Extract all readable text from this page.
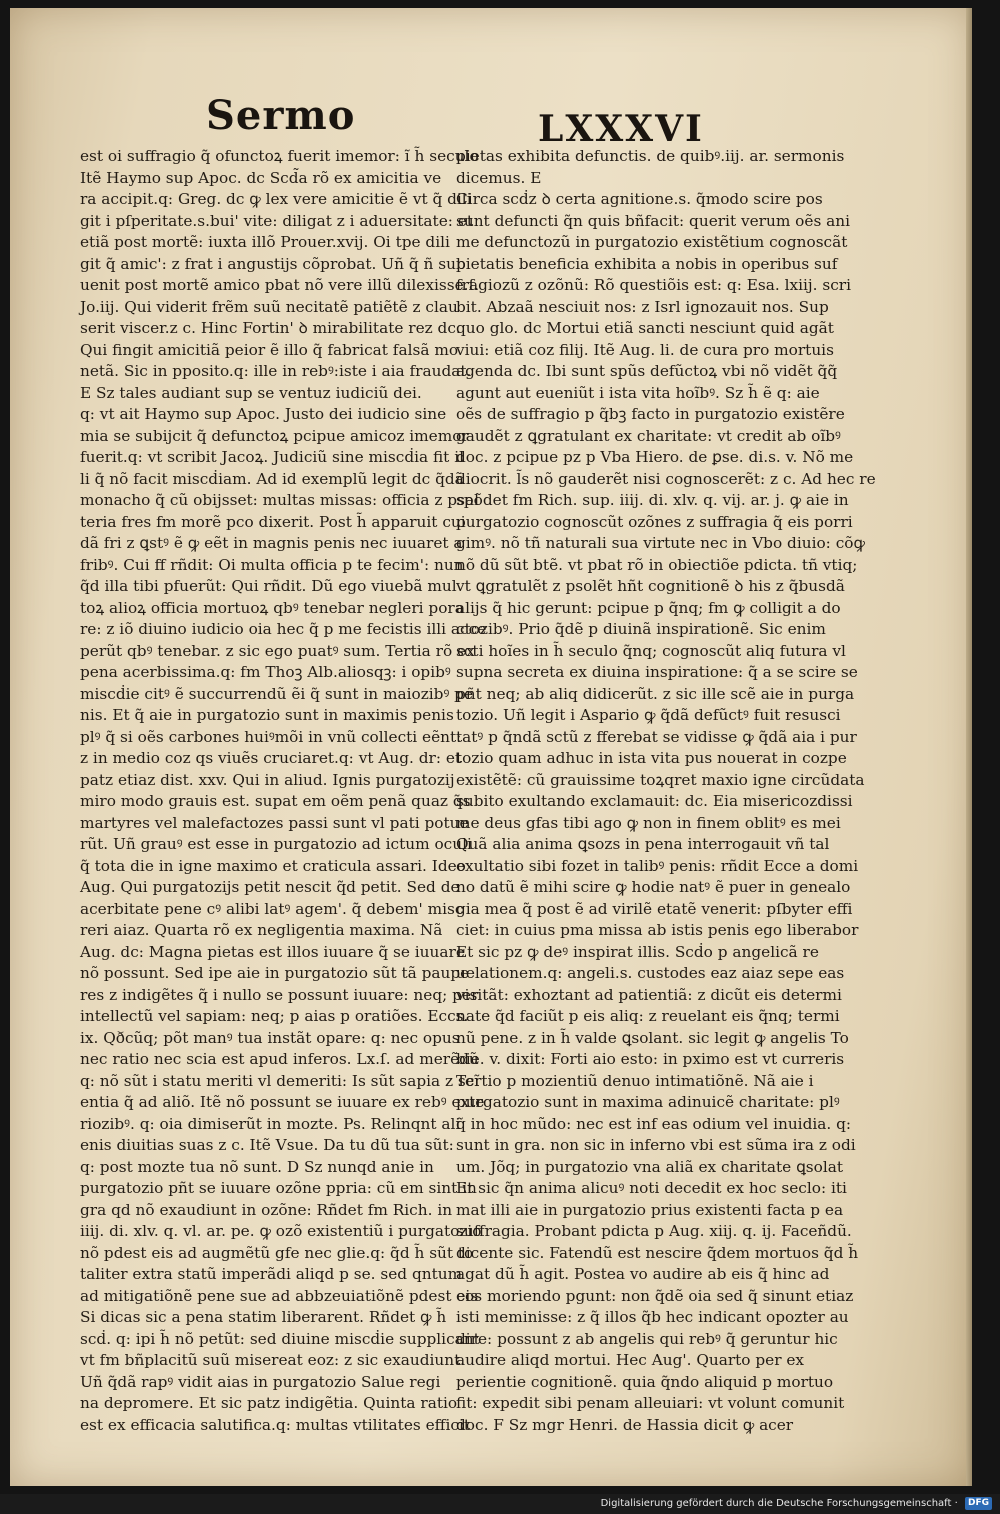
Sermo	LXXXVI
est oi suffragio q̃ ofunctoꝝ fuerit imemor: ĩ h̃ seculo
Itẽ Haymo sup Apoc. dc Scd̃a rõ ex amicitia ve
ra accipit.q: Greg. dc ꝙ lex vere amicitie ẽ vt q̃ dili
git i pſperitate.s.bui' vite: diligat z i aduersitate: et
etiã post mortẽ: iuxta illõ Prouer.xvij. Oi tpe dili
git q̃ amic': z frat i angustijs cõprobat. Uñ q̃ ñ sub
uenit post mortẽ amico pbat nõ vere illũ dilexisse.ſ.
Jo.iij. Qui viderit frẽm suũ necitatẽ patiẽtẽ z clau
serit viscer.z c. Hinc Fortin' ꝺ mirabilitate rez dc.
Qui fingit amicitiã peior ẽ illo q̃ fabricat falsã mo
netã. Sic in pposito.q: ille in rebꝰ:iste i aia fraudat.
E Sz tales audiant sup se ventuz iudiciũ dei.
q: vt ait Haymo sup Apoc. Justo dei iudicio sine
mia se subijcit q̃ defunctoꝝ pcipue amicoz imemor
fuerit.q: vt scribit Jacoꝝ. Judiciũ sine miscḋia fit il
li q̃ nõ facit miscḋiam. Ad id exemplũ legit dc q̃dã
monacho q̃ cũ obijsset: multas missas: officia z psal
teria fres fm morẽ pco dixerit. Post h̃ apparuit cui
dã fri z ꝗstꝰ ẽ ꝙ eẽt in magnis penis nec iuuaret a
fribꝰ. Cui ff rñdit: Oi multa officia p te fecim': nun
q̃d illa tibi pfuerũt: Qui rñdit. Dũ ego viuebã mul
toꝝ alioꝝ officia mortuoꝝ qbꝰ tenebar negleri pora
re: z iõ diuino iudicio oia hec q̃ p me fecistis illi acce
perũt qbꝰ tenebar. z sic ego puatꝰ sum. Tertia rõ ex
pena acerbissima.q: fm Thoꝫ Alb.aliosqꝫ: i opibꝰ
miscḋie citꝰ ẽ succurrendũ ẽi q̃ sunt in maiozibꝰ pe
nis. Et q̃ aie in purgatozio sunt in maximis penis
plꝰ q̃ si oẽs carbones huiꝰmõi in vnũ collecti eẽnt:
z in medio coz qs viuẽs cruciaret.q: vt Aug. dr: et
patz etiaz dist. xxv. Qui in aliud. Ignis purgatozij
miro modo grauis est. supat em oẽm penã quaz q̃s
martyres vel malefactozes passi sunt vl pati potue
rũt. Uñ grauꝰ est esse in purgatozio ad ictum oculi
q̃ tota die in igne maximo et craticula assari. Ideo
Aug. Qui purgatozijs petit nescit q̃d petit. Sed de
acerbitate pene cꝰ alibi latꝰ agem'. q̃ debem' misc
reri aiaz. Quarta rõ ex negligentia maxima. Nã
Aug. dc: Magna pietas est illos iuuare q̃ se iuuare
nõ possunt. Sed ipe aie in purgatozio sũt tã paupe
res z indigẽtes q̃ i nullo se possunt iuuare: neq; per
intellectũ vel sapiam: neq; p aias p oratiões. Eccs.
ix. Qðcũq; põt manꝰ tua instãt opare: q: nec opus
nec ratio nec scia est apud inferos. Lx.ſ. ad merẽdũ
q: nõ sũt i statu meriti vl demeriti: Is sũt sapia z scĩ
entia q̃ ad aliõ. Itẽ nõ possunt se iuuare ex rebꝰ exte
riozibꝰ. q: oia dimiserũt in mozte. Ps. Relinqnt ali
enis diuitias suas z c. Itẽ Vsue. Da tu dũ tua sũt:
q: post mozte tua nõ sunt. D Sz nunqd anie in
purgatozio pñt se iuuare ozõne ppria: cũ em sint in
gra qd nõ exaudiunt in ozõne: Rñdet fm Rich. in
iiij. di. xlv. q. vl. ar. pe. ꝙ ozõ existentiũ i purgatozio
nõ pdest eis ad augmẽtũ gfe nec glie.q: q̃d h̃ sũt to
taliter extra statũ imperãdi aliqd p se. sed qntum
ad mitigatiõnẽ pene sue ad abbzeuiatiõnẽ pdest eis
Si dicas sic a pena statim liberarent. Rñdet ꝙ h̃
scḋ. q: ipi h̃ nõ petũt: sed diuine miscḋie supplicant
vt fm bñplacitũ suũ misereat eoz: z sic exaudiunt.
Uñ q̃dã rapꝰ vidit aias in purgatozio Salue regi
na depromere. Et sic patz indigẽtia. Quinta ratio
est ex efficacia salutifica.q: multas vtilitates efficit
pietas exhibita defunctis. de quibꝰ.iij. ar. sermonis
dicemus. E
Circa scḋz ꝺ certa agnitione.s. q̃modo scire pos
sunt defuncti q̃n quis bñfacit: querit verum oẽs ani
me defunctozũ in purgatozio existẽtium cognoscãt
pietatis beneficia exhibita a nobis in operibus suf
fragiozũ z ozõnũ: Rõ questiõis est: q: Esa. lxiij. scri
bit. Abzaã nesciuit nos: z Isrl ignozauit nos. Sup
quo glo. dc Mortui etiã sancti nesciunt quid agãt
viui: etiã coz filij. Itẽ Aug. li. de cura pro mortuis
agenda dc. Ibi sunt spũs defũctoꝝ vbi nõ vidẽt q̃q̃
agunt aut eueniũt i ista vita hoĩbꝰ. Sz h̃ ẽ q: aie
oẽs de suffragio p q̃bꝫ facto in purgatozio existẽre
gaudẽt z ꝗgratulant ex charitate: vt credit ab oĩbꝰ
doc. z pcipue pz p Vba Hiero. de ꝑse. di.s. v. Nõ me
diocrit. l̃s nõ gauderẽt nisi cognoscerẽt: z c. Ad hec re
spõdet fm Rich. sup. iiij. di. xlv. q. vij. ar. j. ꝙ aie in
purgatozio cognoscũt ozõnes z suffragia q̃ eis porri
gimꝰ. nõ tñ naturali sua virtute nec in Vbo diuio: cõꝙ
nõ dũ sũt btẽ. vt pbat rõ in obiectiõe pdicta. tñ vtiq;
vt ꝗgratulẽt z psolẽt hñt cognitionẽ ꝺ his z q̃busdã
alijs q̃ hic gerunt: pcipue p q̃nq; fm ꝙ colligit a do
ctozibꝰ. Prio q̃dẽ p diuinã inspirationẽ. Sic enim
scti hoĩes in h̃ seculo q̃nq; cognoscũt aliq futura vl
supna secreta ex diuina inspiratione: q̃ a se scire se
pñt neq; ab aliq didicerũt. z sic ille scẽ aie in purga
tozio. Uñ legit i Aspario ꝙ q̃dã defũctꝰ fuit resusci
tatꝰ p q̃ndã sctũ z fferebat se vidisse ꝙ q̃dã aia i pur
tozio quam adhuc in ista vita pus nouerat in cozpe
existẽtẽ: cũ grauissime toꝝqret maxio igne circũdata
subito exultando exclamauit: dc. Eia misericozdissi
me deus gfas tibi ago ꝙ non in finem oblitꝰ es mei
Quã alia anima ꝗsozs in pena interrogauit vñ tal
exultatio sibi fozet in talibꝰ penis: rñdit Ecce a domi
no datũ ẽ mihi scire ꝙ hodie natꝰ ẽ puer in genealo
gia mea q̃ post ẽ ad virilẽ etatẽ venerit: pſbyter effi
ciet: in cuius pma missa ab istis penis ego liberabor
Et sic pz ꝙ deꝰ inspirat illis. Scḋo p angelicã re
uelationem.q: angeli.s. custodes eaz aiaz sepe eas
visitãt: exhoztant ad patientiã: z dicũt eis determi
nate q̃d faciũt p eis aliq: z reuelant eis q̃nq; termi
nũ pene. z in h̃ valde ꝗsolant. sic legit ꝙ angelis To
bie. v. dixit: Forti aio esto: in pximo est vt curreris
Tertio p mozientiũ denuo intimatiõnẽ. Nã aie i
purgatozio sunt in maxima adinuicẽ charitate: plꝰ
q̃ in hoc mũdo: nec est inf eas odium vel inuidia. q:
sunt in gra. non sic in inferno vbi est sũma ira z odi
um. Jõq; in purgatozio vna aliã ex charitate ꝗsolat
Et sic q̃n anima alicuꝰ noti decedit ex hoc seclo: iti
mat illi aie in purgatozio prius existenti facta p ea
suffragia. Probant pdicta p Aug. xiij. q. ij. Faceñdũ.
dicente sic. Fatendũ est nescire q̃dem mortuos q̃d h̃
agat dũ h̃ agit. Postea vo audire ab eis q̃ hinc ad
eos moriendo pgunt: non q̃dẽ oia sed q̃ sinunt etiaz
isti meminisse: z q̃ illos q̃b hec indicant opozter au
dire: possunt z ab angelis qui rebꝰ q̃ geruntur hic
audire aliqd mortui. Hec Aug'. Quarto per ex
perientie cognitionẽ. quia q̃ndo aliquid p mortuo
fit: expedit sibi penam alleuiari: vt volunt comunit
doc. F Sz mgr Henri. de Hassia dicit ꝙ acer
Digitalisierung gefördert durch die Deutsche Forschungsgemeinschaft · DFG
